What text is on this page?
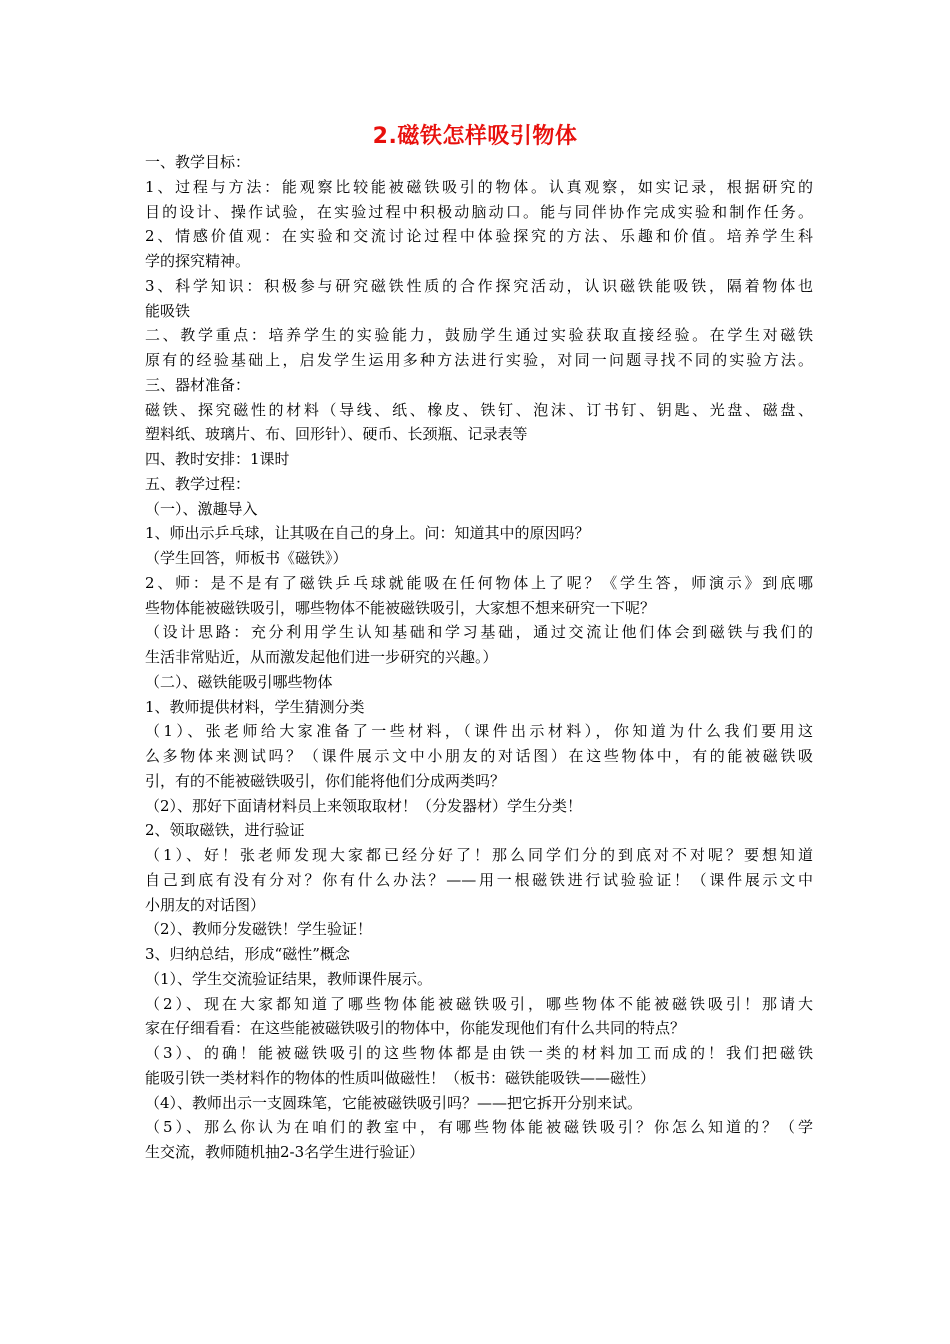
2.磁铁怎样吸引物体
一、教学目标：
1、过程与方法：能观察比较能被磁铁吸引的物体。认真观察，如实记录，根据研究的
目的设计、操作试验，在实验过程中积极动脑动口。能与同伴协作完成实验和制作任务。
2、情感价值观：在实验和交流讨论过程中体验探究的方法、乐趣和价值。培养学生科
学的探究精神。
3、科学知识：积极参与研究磁铁性质的合作探究活动，认识磁铁能吸铁，隔着物体也
能吸铁
二、教学重点：培养学生的实验能力，鼓励学生通过实验获取直接经验。在学生对磁铁
原有的经验基础上，启发学生运用多种方法进行实验，对同一问题寻找不同的实验方法。
三、器材准备：
磁铁、探究磁性的材料（导线、纸、橡皮、铁钉、泡沫、订书钉、钥匙、光盘、磁盘、
塑料纸、玻璃片、布、回形针）、硬币、长颈瓶、记录表等
四、教时安排：1课时
五、教学过程：
（一）、激趣导入
1、师出示乒乓球，让其吸在自己的身上。问：知道其中的原因吗？
（学生回答，师板书《磁铁》）
2、师：是不是有了磁铁乒乓球就能吸在任何物体上了呢？《学生答，师演示》到底哪
些物体能被磁铁吸引，哪些物体不能被磁铁吸引，大家想不想来研究一下呢？
（设计思路：充分利用学生认知基础和学习基础，通过交流让他们体会到磁铁与我们的
生活非常贴近，从而激发起他们进一步研究的兴趣。）
（二）、磁铁能吸引哪些物体
1、教师提供材料，学生猜测分类
（1）、张老师给大家准备了一些材料，（课件出示材料），你知道为什么我们要用这
么多物体来测试吗？（课件展示文中小朋友的对话图）在这些物体中，有的能被磁铁吸
引，有的不能被磁铁吸引，你们能将他们分成两类吗？
（2）、那好下面请材料员上来领取取材！（分发器材）学生分类！
2、领取磁铁，进行验证
（1）、好！张老师发现大家都已经分好了！那么同学们分的到底对不对呢？要想知道
自己到底有没有分对？你有什么办法？——用一根磁铁进行试验验证！（课件展示文中
小朋友的对话图）
（2）、教师分发磁铁！学生验证！
3、归纳总结，形成“磁性”概念
（1）、学生交流验证结果，教师课件展示。
（2）、现在大家都知道了哪些物体能被磁铁吸引，哪些物体不能被磁铁吸引！那请大
家在仔细看看：在这些能被磁铁吸引的物体中，你能发现他们有什么共同的特点？
（3）、的确！能被磁铁吸引的这些物体都是由铁一类的材料加工而成的！我们把磁铁
能吸引铁一类材料作的物体的性质叫做磁性！（板书：磁铁能吸铁——磁性）
（4）、教师出示一支圆珠笔，它能被磁铁吸引吗？——把它拆开分别来试。
（5）、那么你认为在咱们的教室中，有哪些物体能被磁铁吸引？你怎么知道的？（学
生交流，教师随机抽2-3名学生进行验证）
